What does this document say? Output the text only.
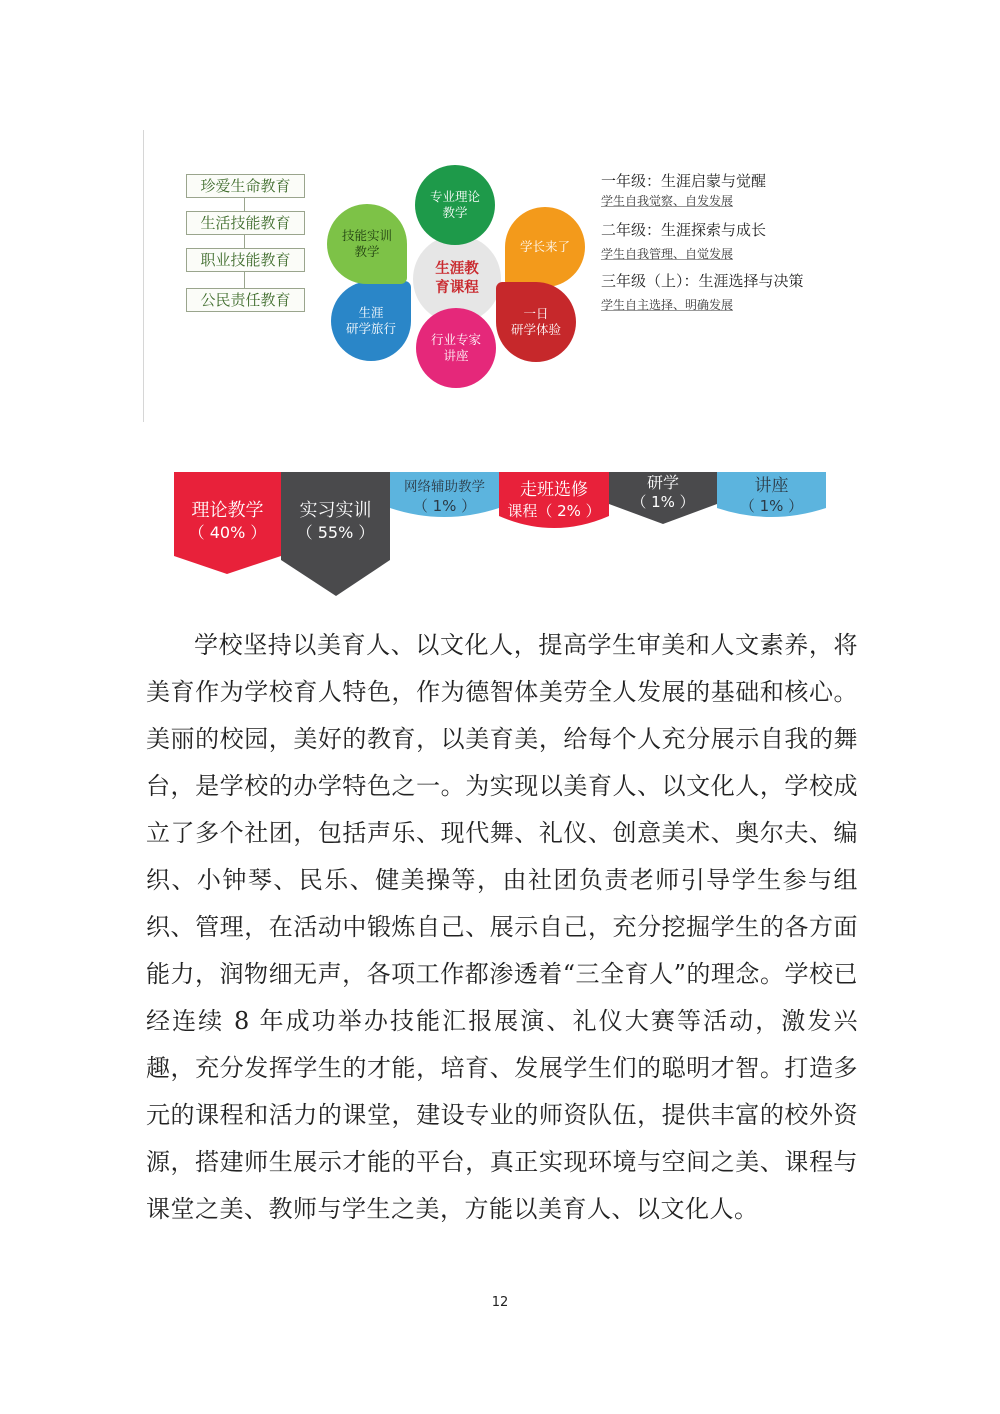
珍爱生命教育
生活技能教育
职业技能教育
公民责任教育
生涯教
育课程
专业理论
教学
学长来了
一日
研学体验
行业专家
讲座
生涯
研学旅行
技能实训
教学
一年级：生涯启蒙与觉醒
学生自我觉察、自发发展
二年级：生涯探索与成长
学生自我管理、自觉发展
三年级（上）：生涯选择与决策
学生自主选择、明确发展
理论教学
（ 40% ）
实习实训
（ 55% ）
网络辅助教学
（ 1% ）
走班选修
课程（ 2% ）
研学
（ 1% ）
讲座
（ 1% ）
学校坚持以美育人、以文化人，提高学生审美和人文素养，将美育作为学校育人特色，作为德智体美劳全人发展的基础和核心。美丽的校园，美好的教育，以美育美，给每个人充分展示自我的舞台，是学校的办学特色之一。为实现以美育人、以文化人，学校成立了多个社团，包括声乐、现代舞、礼仪、创意美术、奥尔夫、编织、小钟琴、民乐、健美操等，由社团负责老师引导学生参与组织、管理，在活动中锻炼自己、展示自己，充分挖掘学生的各方面能力，润物细无声，各项工作都渗透着“三全育人”的理念。学校已经连续 8 年成功举办技能汇报展演、礼仪大赛等活动，激发兴趣，充分发挥学生的才能，培育、发展学生们的聪明才智。打造多元的课程和活力的课堂，建设专业的师资队伍，提供丰富的校外资源，搭建师生展示才能的平台，真正实现环境与空间之美、课程与课堂之美、教师与学生之美，方能以美育人、以文化人。
12
